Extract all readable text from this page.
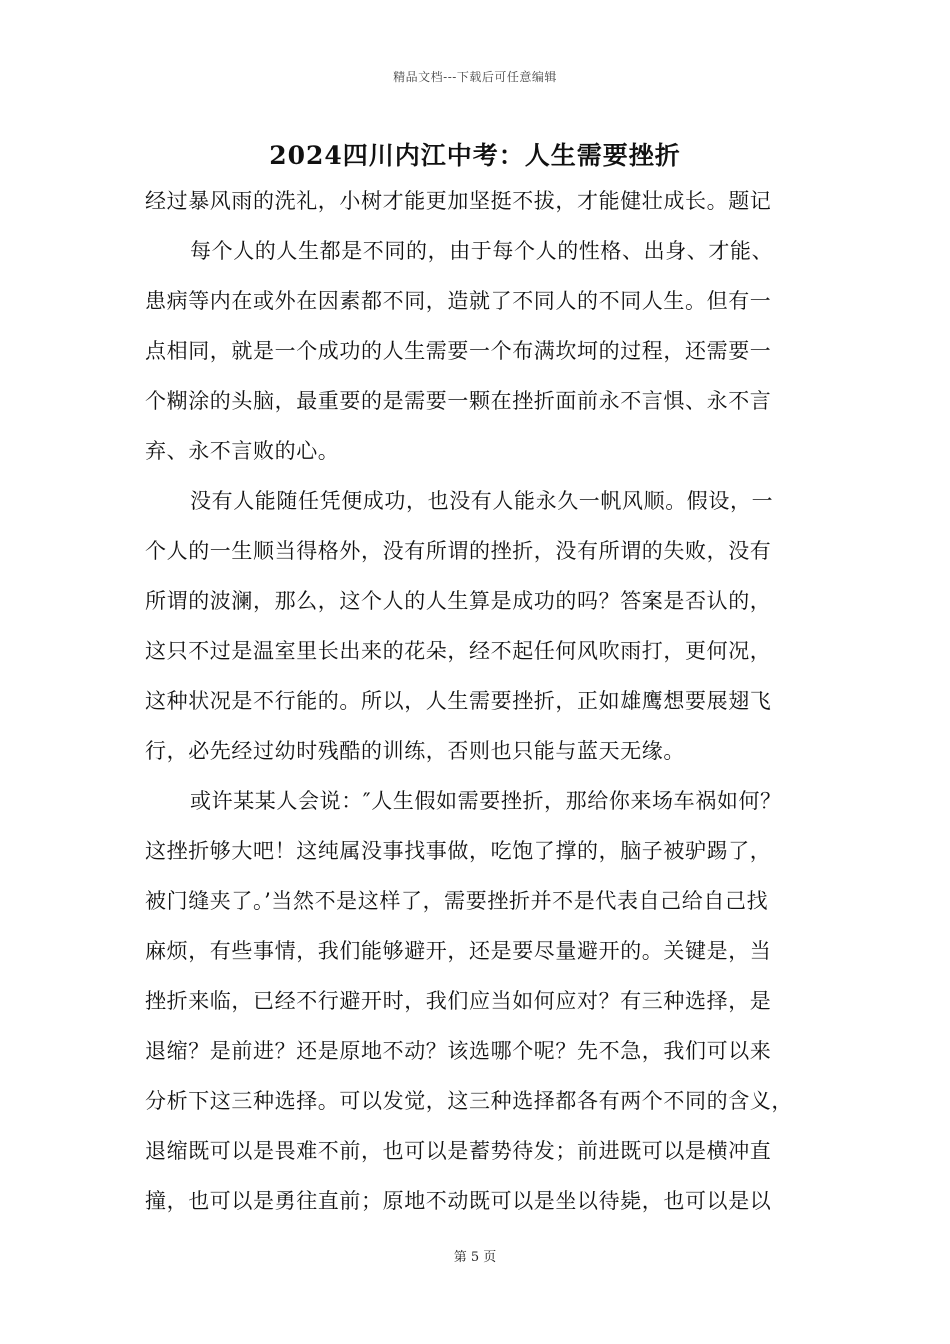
精品文档---下载后可任意编辑
2024四川内江中考：人生需要挫折
经过暴风雨的洗礼，小树才能更加坚挺不拔，才能健壮成长。题记
每个人的人生都是不同的，由于每个人的性格、出身、才能、
患病等内在或外在因素都不同，造就了不同人的不同人生。但有一
点相同，就是一个成功的人生需要一个布满坎坷的过程，还需要一
个糊涂的头脑，最重要的是需要一颗在挫折面前永不言惧、永不言
弃、永不言败的心。
没有人能随任凭便成功，也没有人能永久一帆风顺。假设，一
个人的一生顺当得格外，没有所谓的挫折，没有所谓的失败，没有
所谓的波澜，那么，这个人的人生算是成功的吗？答案是否认的，
这只不过是温室里长出来的花朵，经不起任何风吹雨打，更何况，
这种状况是不行能的。所以，人生需要挫折，正如雄鹰想要展翅飞
行，必先经过幼时残酷的训练，否则也只能与蓝天无缘。
或许某某人会说：″人生假如需要挫折，那给你来场车祸如何？
这挫折够大吧！这纯属没事找事做，吃饱了撑的，脑子被驴踢了，
被门缝夹了。’当然不是这样了，需要挫折并不是代表自己给自己找
麻烦，有些事情，我们能够避开，还是要尽量避开的。关键是，当
挫折来临，已经不行避开时，我们应当如何应对？有三种选择，是
退缩？是前进？还是原地不动？该选哪个呢？先不急，我们可以来
分析下这三种选择。可以发觉，这三种选择都各有两个不同的含义，
退缩既可以是畏难不前，也可以是蓄势待发；前进既可以是横冲直
撞，也可以是勇往直前；原地不动既可以是坐以待毙，也可以是以
第 5 页
